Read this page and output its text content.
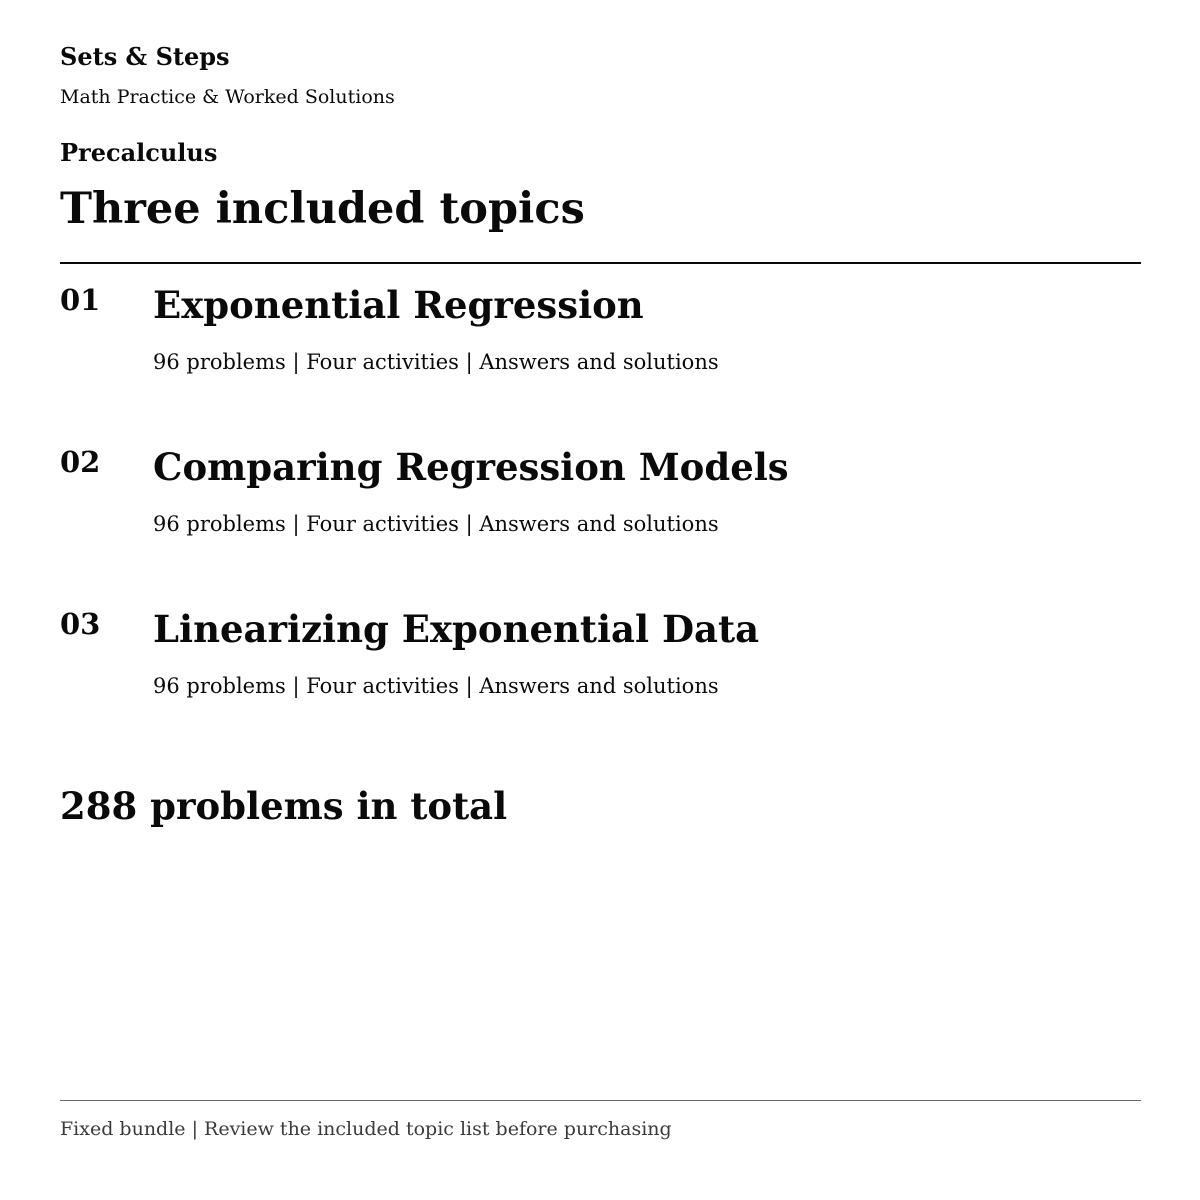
Sets & Steps
Math Practice & Worked Solutions
Precalculus
Three included topics
01 Exponential Regression
96 problems | Four activities | Answers and solutions
02 Comparing Regression Models
96 problems | Four activities | Answers and solutions
03 Linearizing Exponential Data
96 problems | Four activities | Answers and solutions
288 problems in total
Fixed bundle | Review the included topic list before purchasing
